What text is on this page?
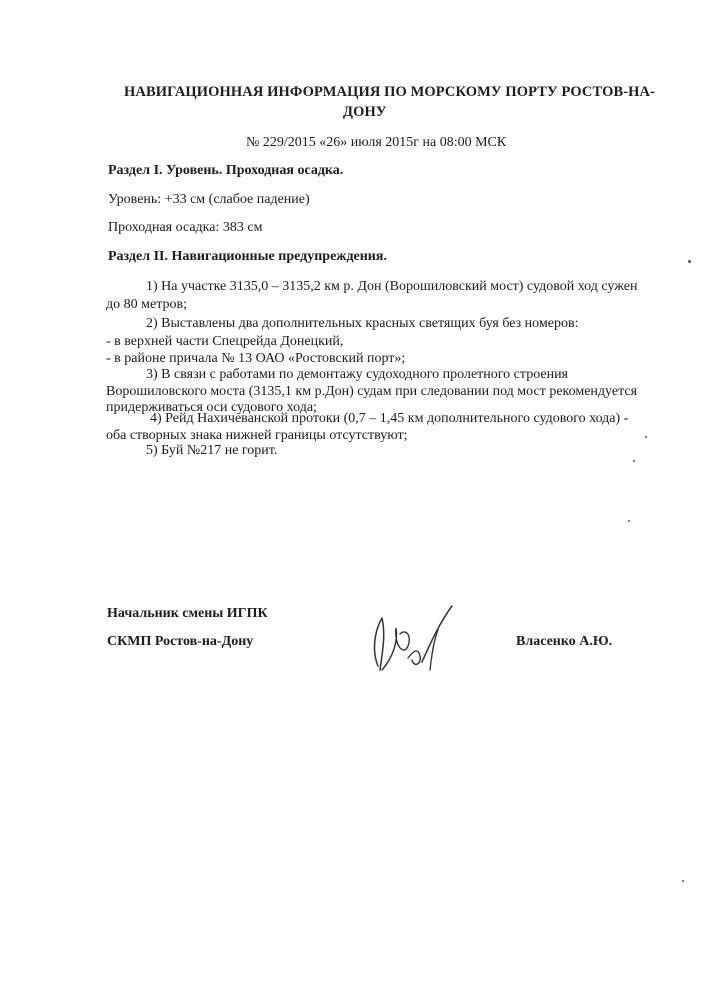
НАВИГАЦИОННАЯ ИНФОРМАЦИЯ ПО МОРСКОМУ ПОРТУ РОСТОВ-НА-
ДОНУ
№ 229/2015 «26» июля 2015г на 08:00 МСК
Раздел I. Уровень. Проходная осадка.
Уровень: +33 см (слабое падение)
Проходная осадка: 383 см
Раздел II. Навигационные предупреждения.
1) На участке 3135,0 – 3135,2 км р. Дон (Ворошиловский мост) судовой ход сужен
до 80 метров;
2) Выставлены два дополнительных красных светящих буя без номеров:
- в верхней части Спецрейда Донецкий,
- в районе причала № 13 ОАО «Ростовский порт»;
3) В связи с работами по демонтажу судоходного пролетного строения
Ворошиловского моста (3135,1 км р.Дон) судам при следовании под мост рекомендуется
придерживаться оси судового хода;
4) Рейд Нахичеванской протоки (0,7 – 1,45 км дополнительного судового хода) -
оба створных знака нижней границы отсутствуют;
5) Буй №217 не горит.
Начальник смены ИГПК
СКМП Ростов-на-Дону	Власенко А.Ю.
